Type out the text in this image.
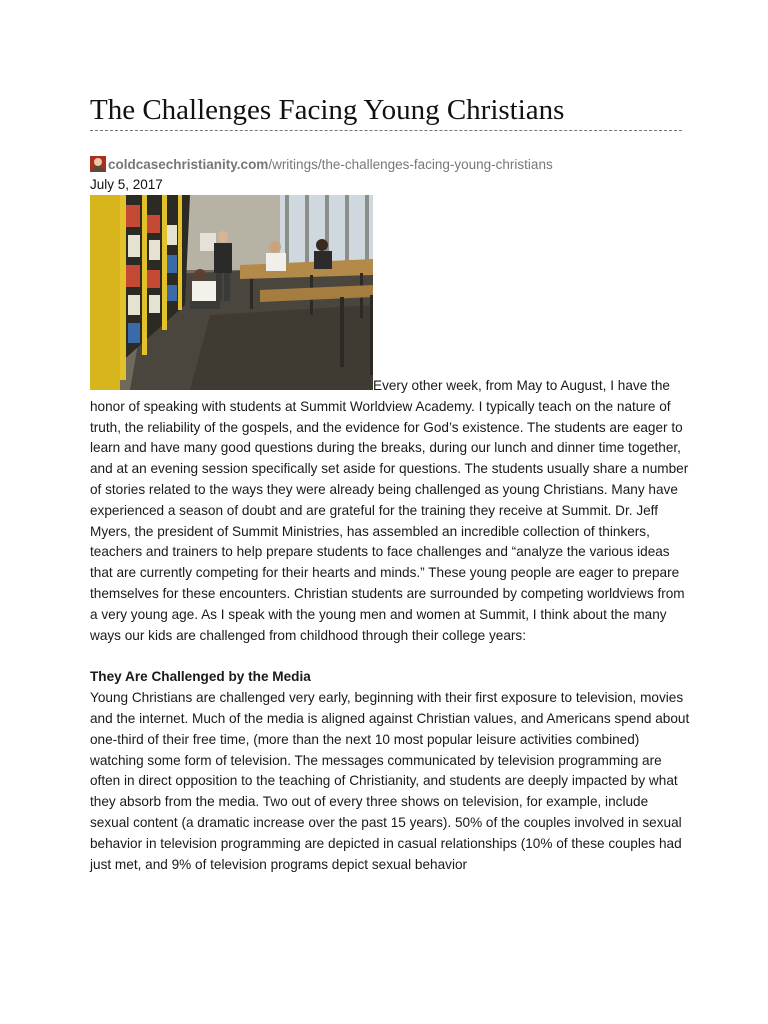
The Challenges Facing Young Christians
coldcasechristianity.com /writings/the-challenges-facing-young-christians
July 5, 2017

Every other week, from May to August, I have the honor of speaking with students at Summit Worldview Academy. I typically teach on the nature of truth, the reliability of the gospels, and the evidence for God’s existence. The students are eager to learn and have many good questions during the breaks, during our lunch and dinner time together, and at an evening session specifically set aside for questions. The students usually share a number of stories related to the ways they were already being challenged as young Christians. Many have experienced a season of doubt and are grateful for the training they receive at Summit. Dr. Jeff Myers, the president of Summit Ministries, has assembled an incredible collection of thinkers, teachers and trainers to help prepare students to face challenges and “analyze the various ideas that are currently competing for their hearts and minds.” These young people are eager to prepare themselves for these encounters. Christian students are surrounded by competing worldviews from a very young age. As I speak with the young men and women at Summit, I think about the many ways our kids are challenged from childhood through their college years:

They Are Challenged by the Media

Young Christians are challenged very early, beginning with their first exposure to television, movies and the internet. Much of the media is aligned against Christian values, and Americans spend about one-third of their free time, (more than the next 10 most popular leisure activities combined) watching some form of television. The messages communicated by television programming are often in direct opposition to the teaching of Christianity, and students are deeply impacted by what they absorb from the media. Two out of every three shows on television, for example, include sexual content (a dramatic increase over the past 15 years). 50% of the couples involved in sexual behavior in television programming are depicted in casual relationships (10% of these couples had just met, and 9% of television programs depict sexual behavior
